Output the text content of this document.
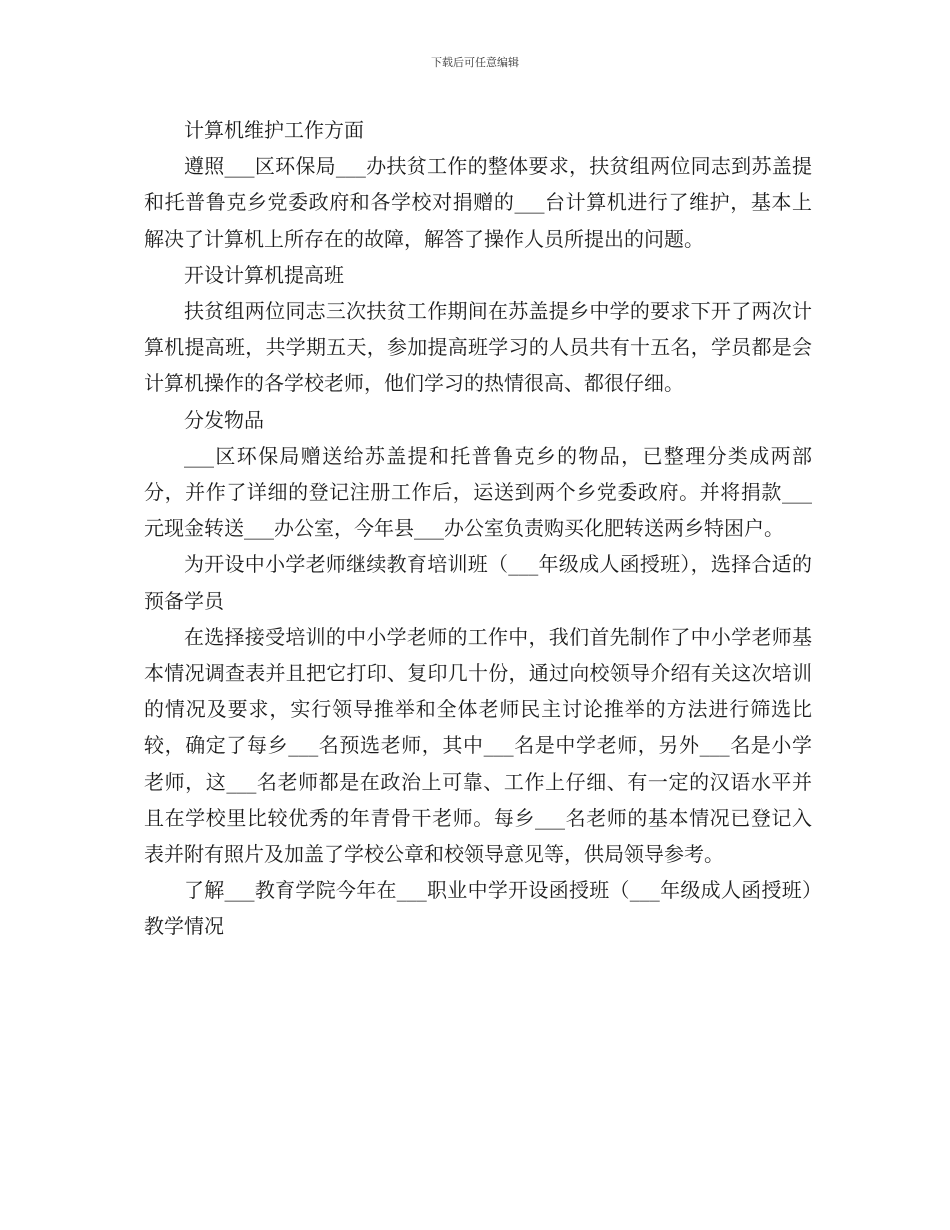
下载后可任意编辑

计算机维护工作方面

遵照___区环保局___办扶贫工作的整体要求，扶贫组两位同志到苏盖提和托普鲁克乡党委政府和各学校对捐赠的___台计算机进行了维护，基本上解决了计算机上所存在的故障，解答了操作人员所提出的问题。

开设计算机提高班

扶贫组两位同志三次扶贫工作期间在苏盖提乡中学的要求下开了两次计算机提高班，共学期五天，参加提高班学习的人员共有十五名，学员都是会计算机操作的各学校老师，他们学习的热情很高、都很仔细。

分发物品

___区环保局赠送给苏盖提和托普鲁克乡的物品，已整理分类成两部分，并作了详细的登记注册工作后，运送到两个乡党委政府。并将捐款___元现金转送___办公室，今年县___办公室负责购买化肥转送两乡特困户。

为开设中小学老师继续教育培训班（___年级成人函授班），选择合适的预备学员

在选择接受培训的中小学老师的工作中，我们首先制作了中小学老师基本情况调查表并且把它打印、复印几十份，通过向校领导介绍有关这次培训的情况及要求，实行领导推举和全体老师民主讨论推举的方法进行筛选比较，确定了每乡___名预选老师，其中___名是中学老师，另外___名是小学老师，这___名老师都是在政治上可靠、工作上仔细、有一定的汉语水平并且在学校里比较优秀的年青骨干老师。每乡___名老师的基本情况已登记入表并附有照片及加盖了学校公章和校领导意见等，供局领导参考。

了解___教育学院今年在___职业中学开设函授班（___年级成人函授班）教学情况
